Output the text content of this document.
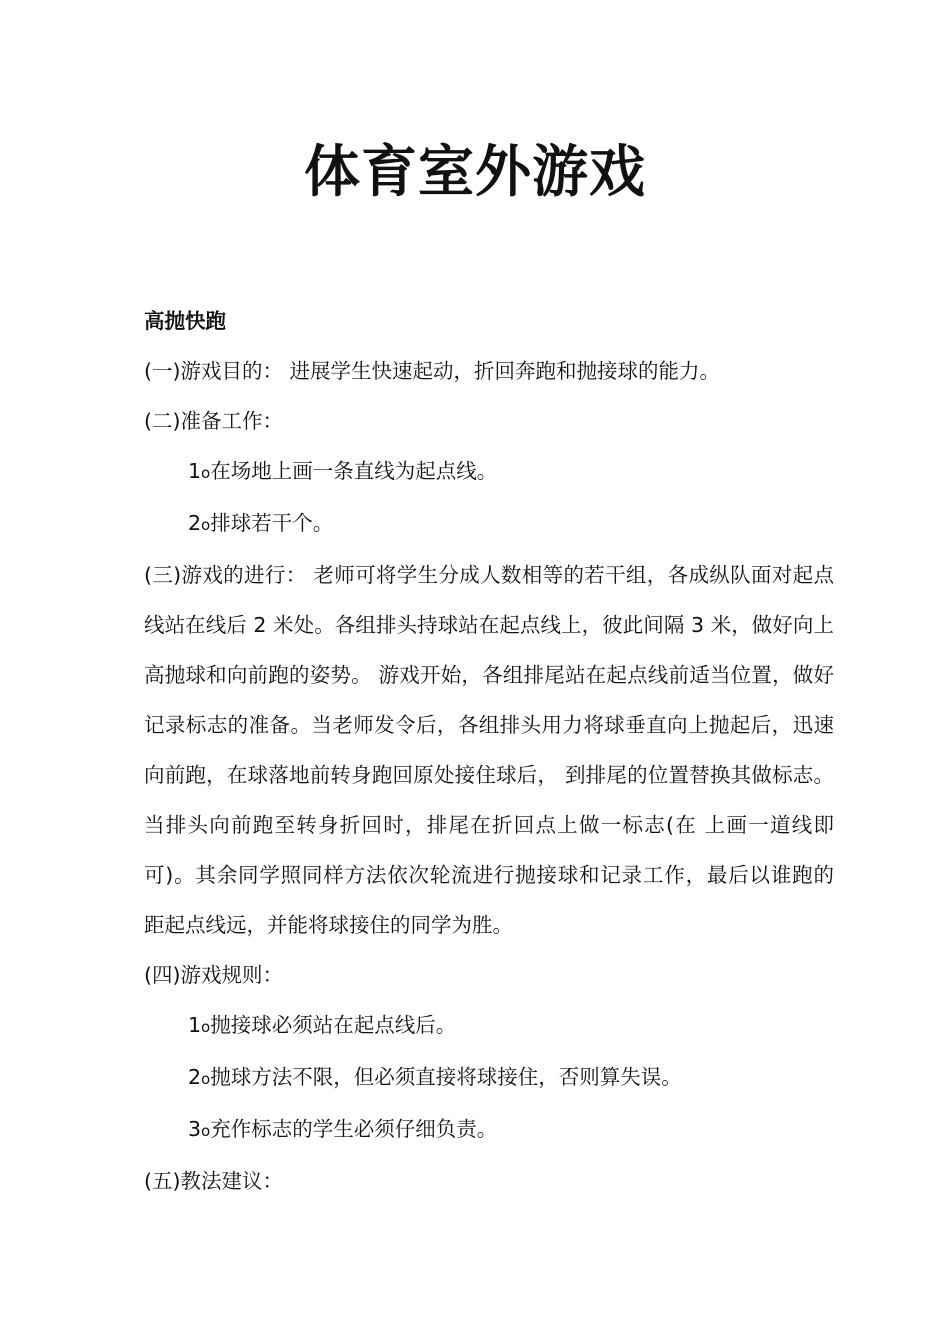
体育室外游戏

高抛快跑

(一)游戏目的： 进展学生快速起动，折回奔跑和抛接球的能力。

(二)准备工作：

1o在场地上画一条直线为起点线。

2o排球若干个。

(三)游戏的进行： 老师可将学生分成人数相等的若干组，各成纵队面对起点线站在线后 2 米处。各组排头持球站在起点线上，彼此间隔 3 米，做好向上高抛球和向前跑的姿势。 游戏开始，各组排尾站在起点线前适当位置，做好记录标志的准备。当老师发令后，各组排头用力将球垂直向上抛起后，迅速向前跑，在球落地前转身跑回原处接住球后， 到排尾的位置替换其做标志。当排头向前跑至转身折回时，排尾在折回点上做一标志(在 上画一道线即可)。其余同学照同样方法依次轮流进行抛接球和记录工作，最后以谁跑的 距起点线远，并能将球接住的同学为胜。

(四)游戏规则：

1o抛接球必须站在起点线后。

2o抛球方法不限，但必须直接将球接住，否则算失误。

3o充作标志的学生必须仔细负责。

(五)教法建议：
